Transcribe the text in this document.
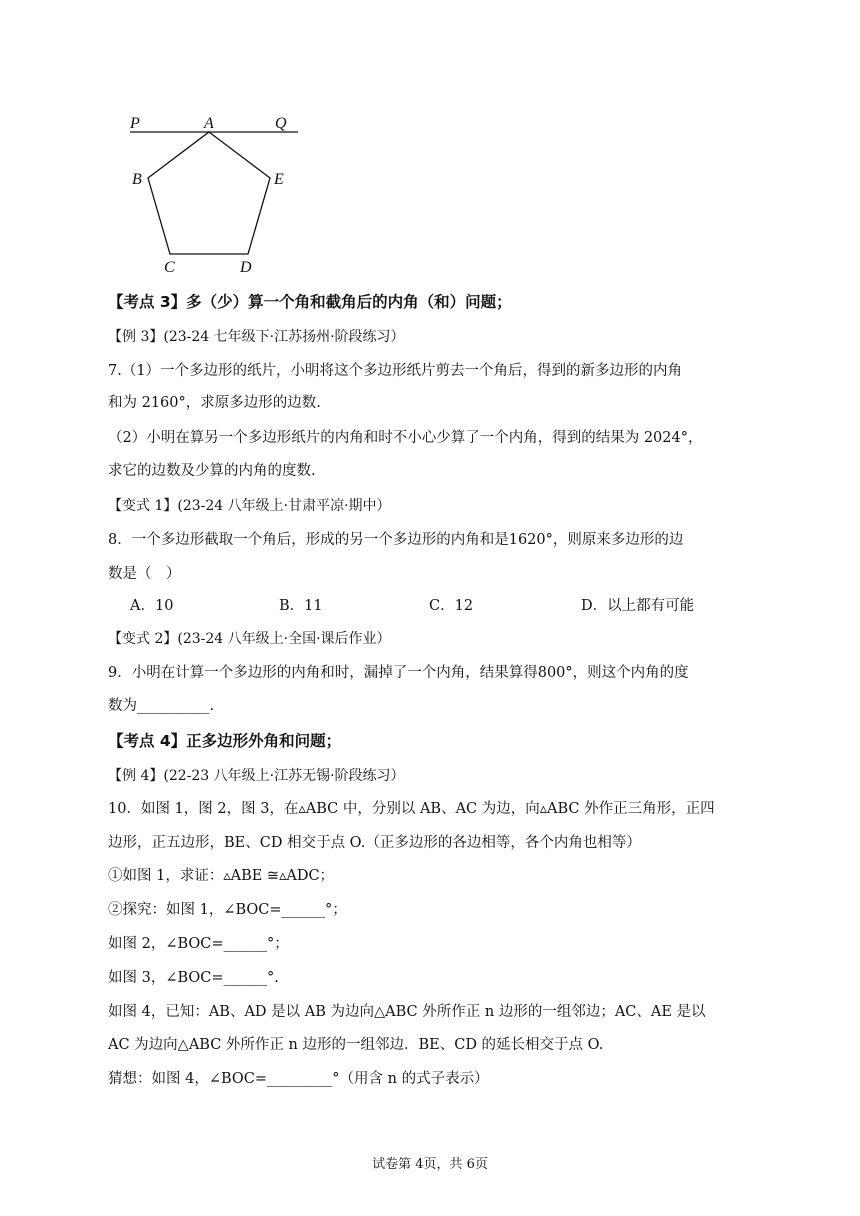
P	A	Q
B	E
C	D
【考点 3】多（少）算一个角和截角后的内角（和）问题；
【例 3】(23-24 七年级下·江苏扬州·阶段练习）
7.（1）一个多边形的纸片，小明将这个多边形纸片剪去一个角后，得到的新多边形的内角
和为 2160°，求原多边形的边数.
（2）小明在算另一个多边形纸片的内角和时不小心少算了一个内角，得到的结果为 2024°，
求它的边数及少算的内角的度数.
【变式 1】(23-24 八年级上·甘肃平凉·期中）
8．一个多边形截取一个角后，形成的另一个多边形的内角和是1620°，则原来多边形的边
数是（　）
A．10	B．11	C．12	D．以上都有可能
【变式 2】(23-24 八年级上·全国·课后作业）
9．小明在计算一个多边形的内角和时，漏掉了一个内角，结果算得800°，则这个内角的度
数为__________.
【考点 4】正多边形外角和问题；
【例 4】(22-23 八年级上·江苏无锡·阶段练习）
10．如图 1，图 2，图 3，在▵ABC 中，分别以 AB、AC 为边，向▵ABC 外作正三角形，正四
边形，正五边形，BE、CD 相交于点 O.（正多边形的各边相等，各个内角也相等）
①如图 1，求证：▵ABE ≅▵ADC；
②探究：如图 1，∠BOC=______°；
如图 2，∠BOC=______°；
如图 3，∠BOC=______°.
如图 4，已知：AB、AD 是以 AB 为边向△ABC 外所作正 n 边形的一组邻边；AC、AE 是以
AC 为边向△ABC 外所作正 n 边形的一组邻边．BE、CD 的延长相交于点 O.
猜想：如图 4，∠BOC=_________°（用含 n 的式子表示）
试卷第 4页，共 6页
